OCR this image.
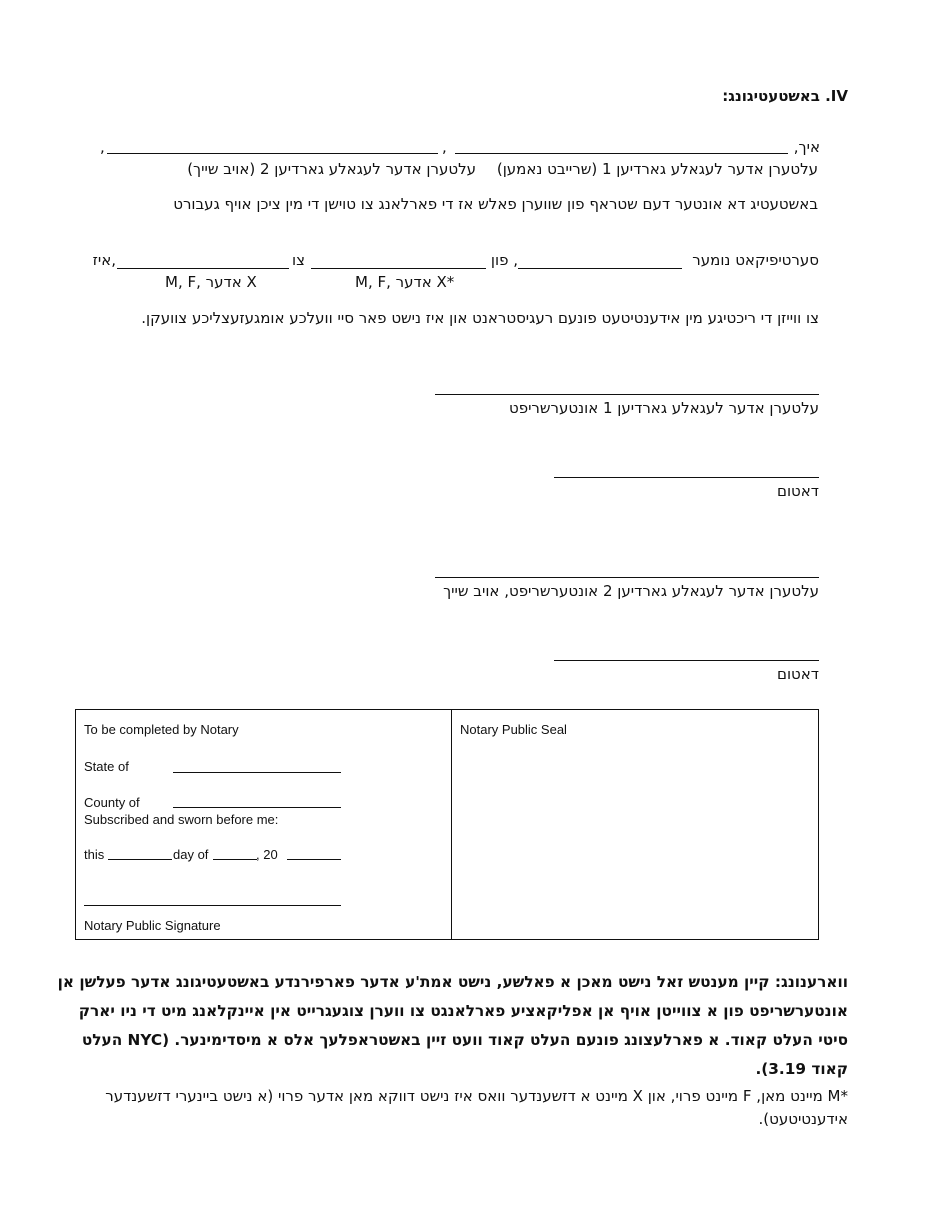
IV. באשטעטיגונג:
איך,
,
,
עלטערן אדער לעגאלע גארדיען 1 (שרייבט נאמען)
עלטערן אדער לעגאלע גארדיען 2 (אויב שייך)
באשטעטיג דא אונטער דעם שטראף פון שווערן פאלש אז די פארלאנג צו טוישן די מין ציכן אויף געבורט
סערטיפיקאט נומער
, פון
צו
,איז
M, F, אדער X*
M, F, אדער X
צו ווייזן די ריכטיגע מין אידענטיטעט פונעם רעגיסטראנט און איז נישט פאר סיי וועלכע אומגעזעצליכע צוועקן.
עלטערן אדער לעגאלע גארדיען 1 אונטערשריפט
דאטום
עלטערן אדער לעגאלע גארדיען 2 אונטערשריפט, אויב שייך
דאטום
To be completed by Notary
State of
County of
Subscribed and sworn before me:
this	day of	, 20
Notary Public Signature
Notary Public Seal
ווארענונג: קיין מענטש זאל נישט מאכן א פאלשע, נישט אמת'ע אדער פארפירנדע באשטעטיגונג אדער פעלשן אן אונטערשריפט פון א צווייטן אויף אן אפליקאציע פארלאנגט צו ווערן צוגעגרייט אין איינקלאנג מיט די ניו יארק סיטי העלט קאוד. א פארלעצונג פונעם העלט קאוד וועט זיין באשטראפלעך אלס א מיסדימינער. (NYC העלט קאוד 3.19).
*M מיינט מאן, F מיינט פרוי, און X מיינט א דזשענדער וואס איז נישט דווקא מאן אדער פרוי (א נישט ביינערי דזשענדער אידענטיטעט).
